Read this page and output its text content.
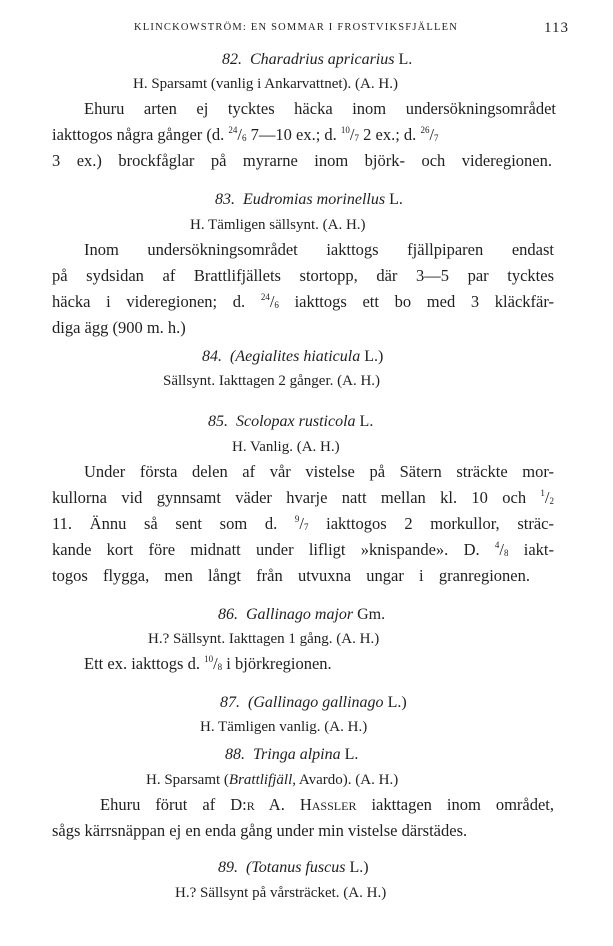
KLINCKOWSTRÖM: EN SOMMAR I FROSTVIKSFJÄLLEN	113
82. Charadrius apricarius L.
H. Sparsamt (vanlig i Ankarvattnet). (A. H.)
Ehuru arten ej tycktes häcka inom undersökningsområdet
iakttogos några gånger (d. $^{24}/_6$ 7—10 ex.; d. $^{10}/_7$ 2 ex.; d. $^{26}/_7$
3 ex.) brockfåglar på myrarne inom björk- och videregionen.
83. Eudromias morinellus L.
H. Tämligen sällsynt. (A. H.)
Inom undersökningsområdet iakttogs fjällpiparen endast
på sydsidan af Brattlifjällets stortopp, där 3—5 par tycktes
häcka i videregionen; d. $^{24}/_6$ iakttogs ett bo med 3 kläckfär-
diga ägg (900 m. h.)
84. (Aegialites hiaticula L.)
Sällsynt. Iakttagen 2 gånger. (A. H.)
85. Scolopax rusticola L.
H. Vanlig. (A. H.)
Under första delen af vår vistelse på Sätern sträckte mor-
kullorna vid gynnsamt väder hvarje natt mellan kl. 10 och $^1/_2$
11. Ännu så sent som d. $^9/_7$ iakttogos 2 morkullor, sträc-
kande kort före midnatt under lifligt »knispande». D. $^4/_8$ iakt-
togos flygga, men långt från utvuxna ungar i granregionen.
86. Gallinago major Gm.
H.? Sällsynt. Iakttagen 1 gång. (A. H.)
Ett ex. iakttogs d. $^{10}/_8$ i björkregionen.
87. (Gallinago gallinago L.)
H. Tämligen vanlig. (A. H.)
88. Tringa alpina L.
H. Sparsamt (Brattlifjäll, Avardo). (A. H.)
Ehuru förut af D:r A. Hassler iakttagen inom området,
sågs kärrsnäppan ej en enda gång under min vistelse därstädes.
89. (Totanus fuscus L.)
H.? Sällsynt på vårsträcket. (A. H.)
